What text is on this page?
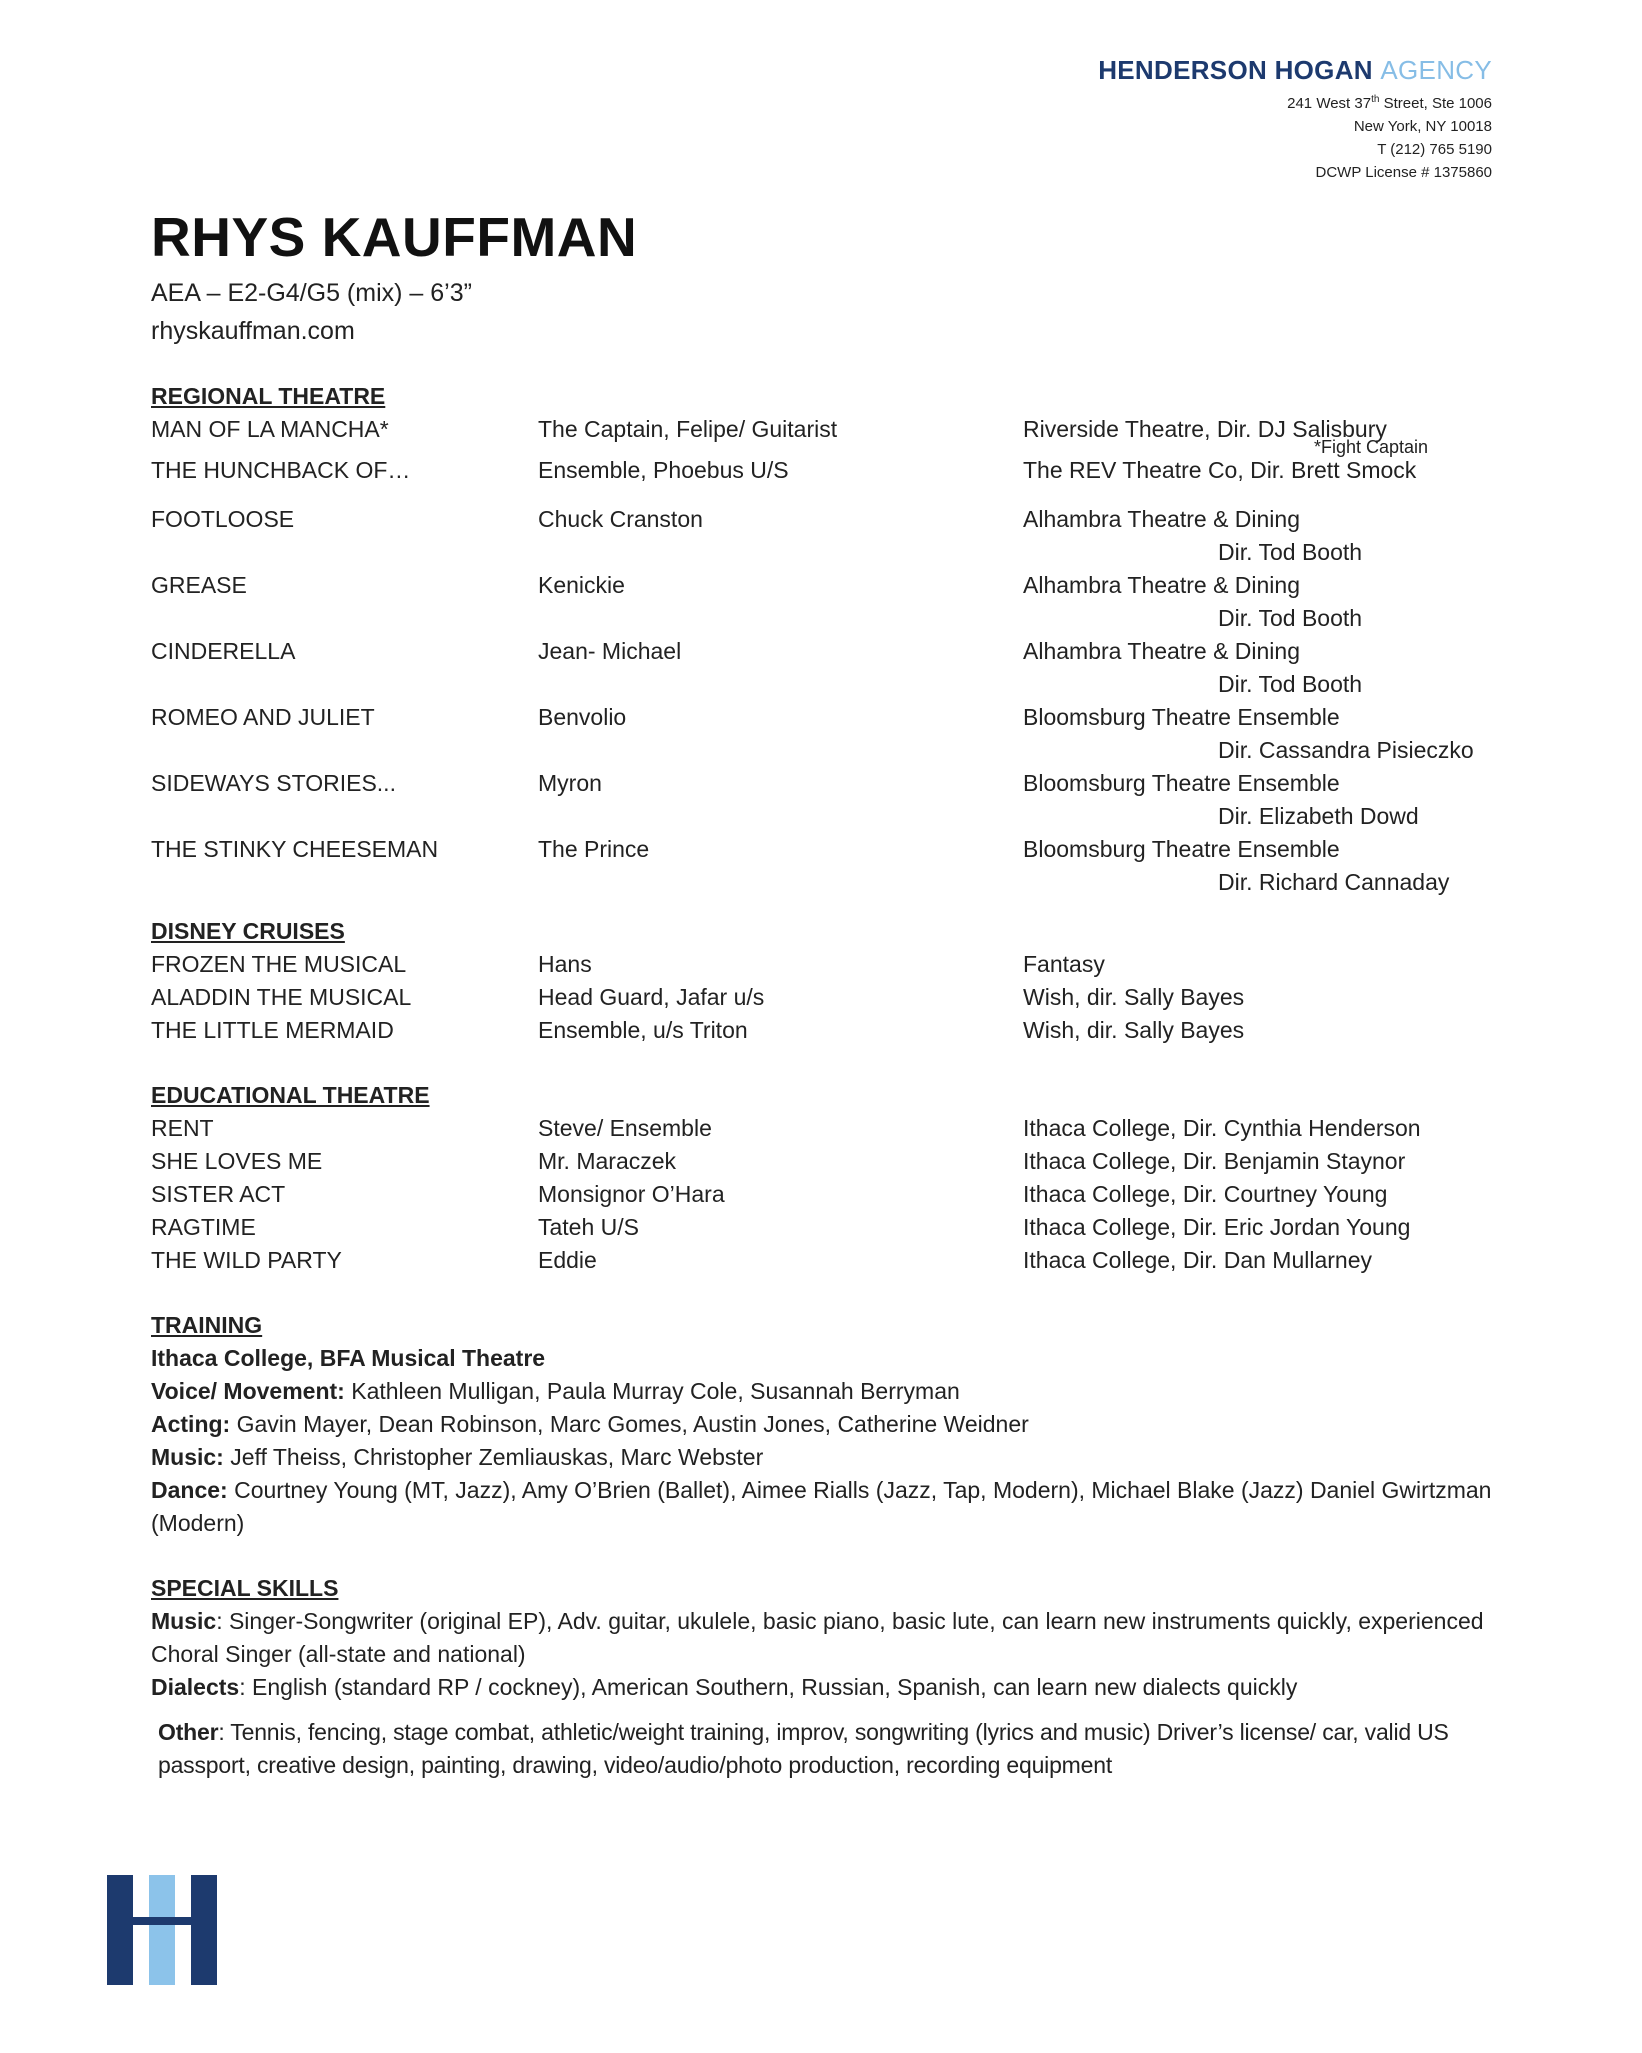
HENDERSON HOGAN AGENCY
241 West 37th Street, Ste 1006
New York, NY 10018
T (212) 765 5190
DCWP License # 1375860
RHYS KAUFFMAN
AEA – E2-G4/G5 (mix) – 6’3”
rhyskauffman.com
REGIONAL THEATRE
MAN OF LA MANCHA*	The Captain, Felipe/ Guitarist	Riverside Theatre, Dir. DJ Salisbury
*Fight Captain
THE HUNCHBACK OF…	Ensemble, Phoebus U/S	The REV Theatre Co, Dir. Brett Smock
FOOTLOOSE	Chuck Cranston	Alhambra Theatre & Dining
Dir. Tod Booth
GREASE	Kenickie	Alhambra Theatre & Dining
Dir. Tod Booth
CINDERELLA	Jean- Michael	Alhambra Theatre & Dining
Dir. Tod Booth
ROMEO AND JULIET	Benvolio	Bloomsburg Theatre Ensemble
Dir. Cassandra Pisieczko
SIDEWAYS STORIES...	Myron	Bloomsburg Theatre Ensemble
Dir. Elizabeth Dowd
THE STINKY CHEESEMAN	The Prince	Bloomsburg Theatre Ensemble
Dir. Richard Cannaday
DISNEY CRUISES
FROZEN THE MUSICAL	Hans	Fantasy
ALADDIN THE MUSICAL	Head Guard, Jafar u/s	Wish, dir. Sally Bayes
THE LITTLE MERMAID	Ensemble, u/s Triton	Wish, dir. Sally Bayes
EDUCATIONAL THEATRE
RENT	Steve/ Ensemble	Ithaca College, Dir. Cynthia Henderson
SHE LOVES ME	Mr. Maraczek	Ithaca College, Dir. Benjamin Staynor
SISTER ACT	Monsignor O’Hara	Ithaca College, Dir. Courtney Young
RAGTIME	Tateh U/S	Ithaca College, Dir. Eric Jordan Young
THE WILD PARTY	Eddie	Ithaca College, Dir. Dan Mullarney
TRAINING
Ithaca College, BFA Musical Theatre
Voice/ Movement: Kathleen Mulligan, Paula Murray Cole, Susannah Berryman
Acting: Gavin Mayer, Dean Robinson, Marc Gomes, Austin Jones, Catherine Weidner
Music: Jeff Theiss, Christopher Zemliauskas, Marc Webster
Dance: Courtney Young (MT, Jazz), Amy O’Brien (Ballet), Aimee Rialls (Jazz, Tap, Modern), Michael Blake (Jazz) Daniel Gwirtzman (Modern)
SPECIAL SKILLS
Music: Singer-Songwriter (original EP), Adv. guitar, ukulele, basic piano, basic lute, can learn new instruments quickly, experienced Choral Singer (all-state and national)
Dialects: English (standard RP / cockney), American Southern, Russian, Spanish, can learn new dialects quickly
Other: Tennis, fencing, stage combat, athletic/weight training, improv, songwriting (lyrics and music) Driver’s license/ car, valid US passport, creative design, painting, drawing, video/audio/photo production, recording equipment
